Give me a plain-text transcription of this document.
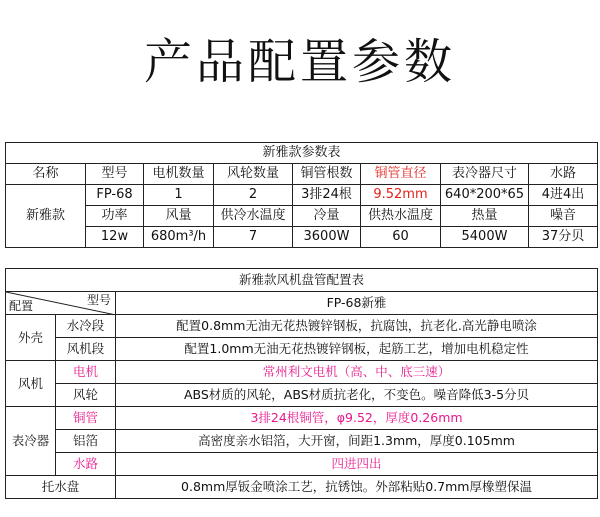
产品配置参数
新雅款参数表							
名称	型号	电机数量	风轮数量	铜管根数	铜管直径	表冷器尺寸	水路
新雅款	FP-68	1	2	3排24根	9.52mm	640*200*65	4进4出
	功率	风量	供冷水温度	冷量	供热水温度	热量	噪音
	12w	680m³/h	7	3600W	60	5400W	37分贝
新雅款风机盘管配置表		

型号
配置		FP-68新雅
外壳	水冷段	配置0.8mm无油无花热镀锌钢板，抗腐蚀，抗老化.高光静电喷涂
	风机段	配置1.0mm无油无花热镀锌钢板，起筋工艺，增加电机稳定性
风机	电机	常州利文电机（高、中、底三速）
	风轮	ABS材质的风轮，ABS材质抗老化，不变色。噪音降低3-5分贝
表冷器	铜管	3排24根铜管，φ9.52，厚度0.26mm
	铝箔	高密度亲水铝箔，大开窗，间距1.3mm，厚度0.105mm
	水路	四进四出
托水盘		0.8mm厚钣金喷涂工艺，抗锈蚀。外部粘贴0.7mm厚橡塑保温
